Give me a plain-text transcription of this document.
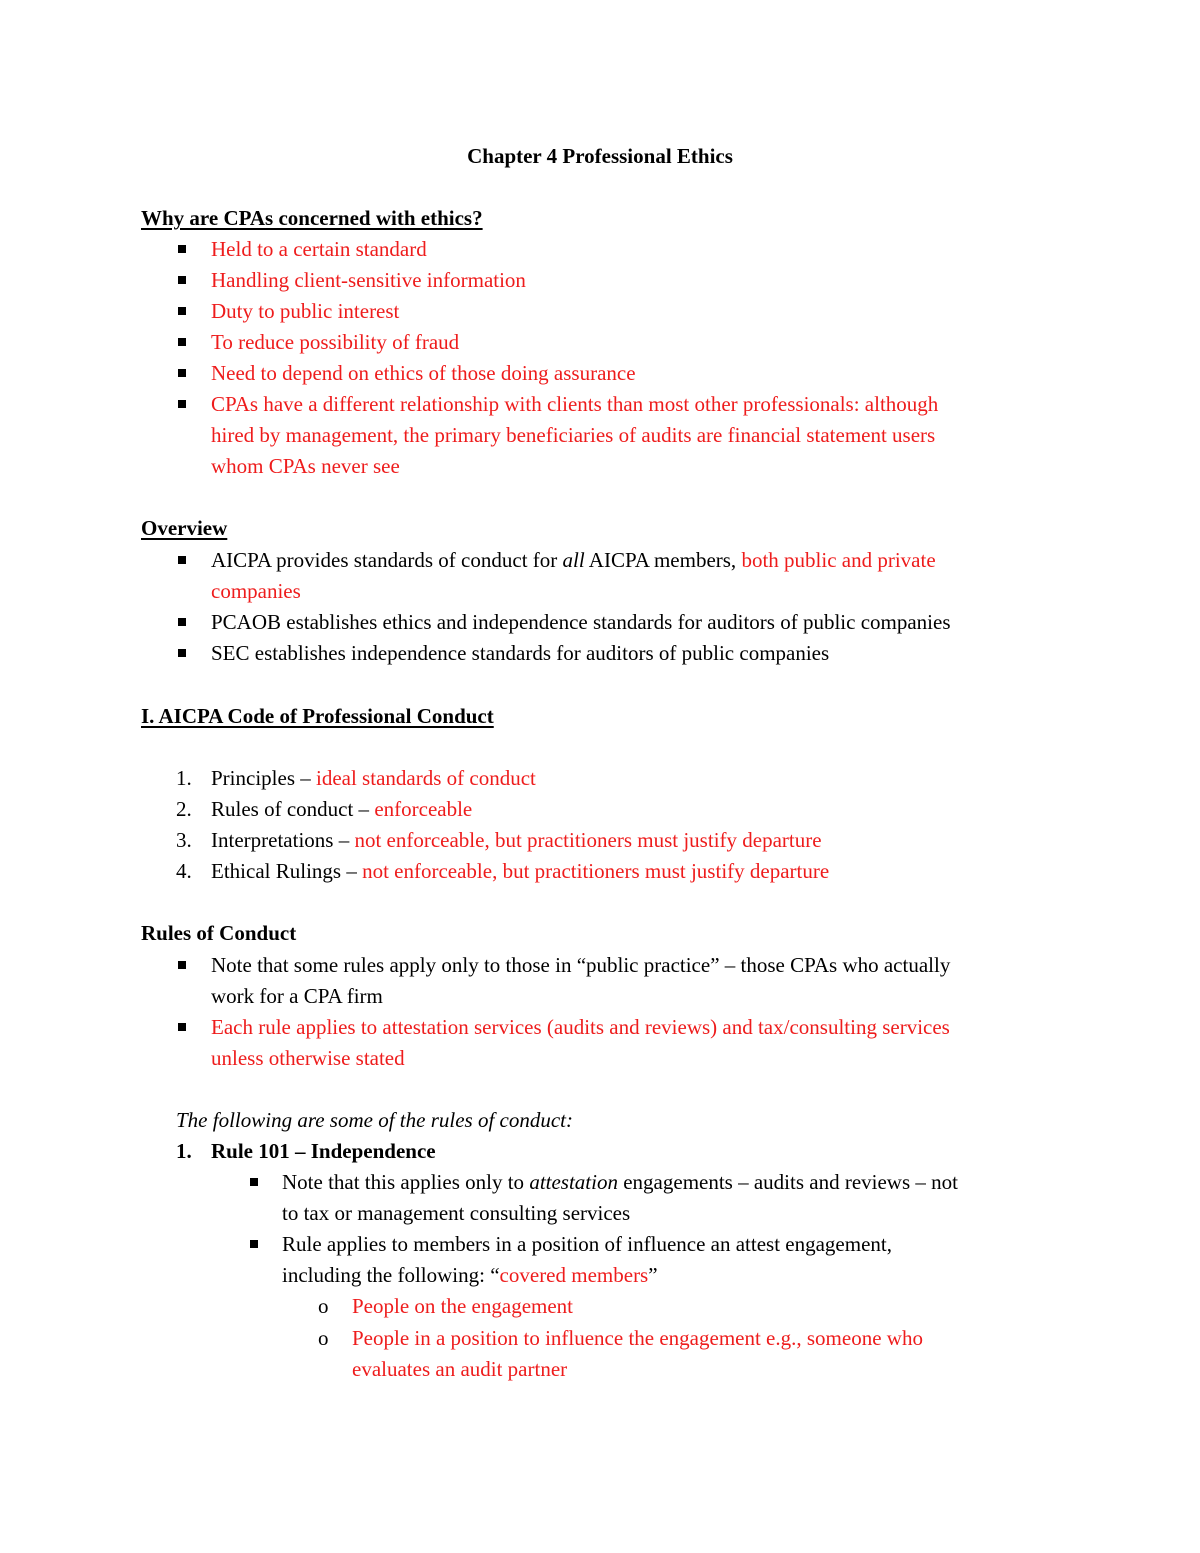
Chapter 4 Professional Ethics
Why are CPAs concerned with ethics?
Held to a certain standard
Handling client-sensitive information
Duty to public interest
To reduce possibility of fraud
Need to depend on ethics of those doing assurance
CPAs have a different relationship with clients than most other professionals: although
hired by management, the primary beneficiaries of audits are financial statement users
whom CPAs never see
Overview
AICPA provides standards of conduct for all AICPA members, both public and private
companies
PCAOB establishes ethics and independence standards for auditors of public companies
SEC establishes independence standards for auditors of public companies
I. AICPA Code of Professional Conduct
1. Principles – ideal standards of conduct
2. Rules of conduct – enforceable
3. Interpretations – not enforceable, but practitioners must justify departure
4. Ethical Rulings – not enforceable, but practitioners must justify departure
Rules of Conduct
Note that some rules apply only to those in “public practice” – those CPAs who actually
work for a CPA firm
Each rule applies to attestation services (audits and reviews) and tax/consulting services
unless otherwise stated
The following are some of the rules of conduct:
1. Rule 101 – Independence
Note that this applies only to attestation engagements – audits and reviews – not
to tax or management consulting services
Rule applies to members in a position of influence an attest engagement,
including the following: “covered members”
o People on the engagement
o People in a position to influence the engagement e.g., someone who
evaluates an audit partner
